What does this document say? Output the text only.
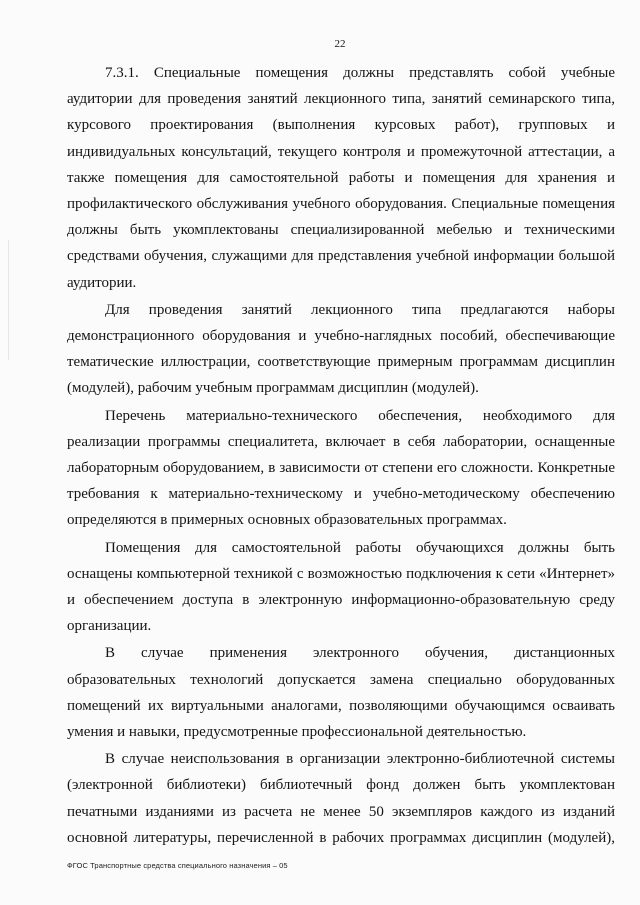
22

7.3.1. Специальные помещения должны представлять собой учебные аудитории для проведения занятий лекционного типа, занятий семинарского типа, курсового проектирования (выполнения курсовых работ), групповых и индивидуальных консультаций, текущего контроля и промежуточной аттестации, а также помещения для самостоятельной работы и помещения для хранения и профилактического обслуживания учебного оборудования. Специальные помещения должны быть укомплектованы специализированной мебелью и техническими средствами обучения, служащими для представления учебной информации большой аудитории.

Для проведения занятий лекционного типа предлагаются наборы демонстрационного оборудования и учебно-наглядных пособий, обеспечивающие тематические иллюстрации, соответствующие примерным программам дисциплин (модулей), рабочим учебным программам дисциплин (модулей).

Перечень материально-технического обеспечения, необходимого для реализации программы специалитета, включает в себя лаборатории, оснащенные лабораторным оборудованием, в зависимости от степени его сложности. Конкретные требования к материально-техническому и учебно-методическому обеспечению определяются в примерных основных образовательных программах.

Помещения для самостоятельной работы обучающихся должны быть оснащены компьютерной техникой с возможностью подключения к сети «Интернет» и обеспечением доступа в электронную информационно-образовательную среду организации.

В случае применения электронного обучения, дистанционных образовательных технологий допускается замена специально оборудованных помещений их виртуальными аналогами, позволяющими обучающимся осваивать умения и навыки, предусмотренные профессиональной деятельностью.

В случае неиспользования в организации электронно-библиотечной системы (электронной библиотеки) библиотечный фонд должен быть укомплектован печатными изданиями из расчета не менее 50 экземпляров каждого из изданий основной литературы, перечисленной в рабочих программах дисциплин (модулей),

ФГОС Транспортные средства специального назначения – 05
